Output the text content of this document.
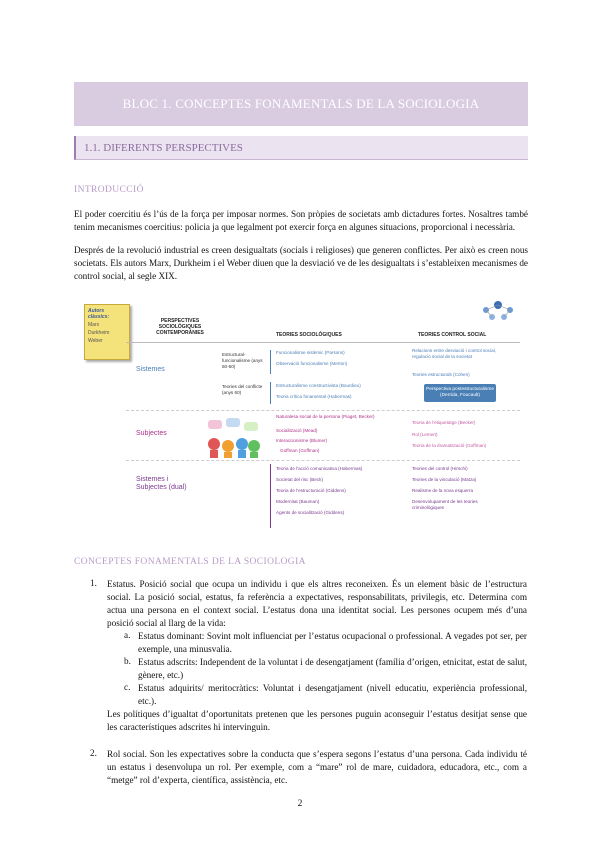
BLOC 1. CONCEPTES FONAMENTALS DE LA SOCIOLOGIA
1.1. DIFERENTS PERSPECTIVES
INTRODUCCIÓ

El poder coercitiu és l’ús de la força per imposar normes. Son pròpies de societats amb dictadures fortes. Nosaltres també tenim mecanismes coercitius: policia ja que legalment pot exercir força en algunes situacions, proporcional i necessària.

Després de la revolució industrial es creen desigualtats (socials i religioses) que generen conflictes. Per això es creen nous societats. Els autors Marx, Durkheim i el Weber diuen que la desviació ve de les desigualtats i s’estableixen mecanismes de control social, al segle XIX.

Autors clàssics:
Marx
Durkheim
Weber
PERSPECTIVES SOCIOLÒGIQUES CONTEMPORÀNIES	TEORIES SOCIOLÒGIQUES	TEORIES CONTROL SOCIAL
Sistemes
Estructural-funcionalisme (anys 50-60)
Teories del conflicte (anys 60)
Funcionalisme sistèmic (Parsons)
Observació funcionalisme (Merton)
Estructuralisme constructivista (Bourdieu)
Teoria crítica fonamental (Habermas)
Relacions entre desviació i control social, regulació social de la societat
Teories estructurals (Cohen)
Perspectiva postestructuralisme (Derrida, Foucault)
Subjectes
Naturalesa social de la persona (Piaget, Becker)
Socialització (Mead)
Interaccionisme (Blumer)
Goffman (Goffman)
Teoria de l'etiquetatge (Becker)
Rol (Lemert)
Teoria de la dramatització (Goffman)
Sistemes i Subjectes (dual)
Teoria de l'acció comunicativa (Habermas)
Societat del risc (Beck)
Teoria de l'estructuració (Giddens)
Modernitat (Bauman)
Agents de socialització (Giddens)
Teories del control (Hirschi)
Teories de la vinculació (Matza)
Realisme de la nova esquerra
Desenvolupament de les teories criminològiques
CONCEPTES FONAMENTALS DE LA SOCIOLOGIA
1. Estatus. Posició social que ocupa un individu i que els altres reconeixen. És un element bàsic de l’estructura social. La posició social, estatus, fa referència a expectatives, responsabilitats, privilegis, etc. Determina com actua una persona en el context social. L’estatus dona una identitat social. Les persones ocupem més d’una posició social al llarg de la vida:

a. Estatus dominant: Sovint molt influenciat per l’estatus ocupacional o professional. A vegades pot ser, per exemple, una minusvalia.

b. Estatus adscrits: Independent de la voluntat i de desengatjament (família d’origen, etnicitat, estat de salut, gènere, etc.)

c. Estatus adquirits/ meritocràtics: Voluntat i desengatjament (nivell educatiu, experiència professional, etc.).

Les polítiques d’igualtat d’oportunitats pretenen que les persones puguin aconseguir l’estatus desitjat sense que les característiques adscrites hi intervinguin.

2. Rol social. Son les expectatives sobre la conducta que s’espera segons l’estatus d’una persona. Cada individu té un estatus i desenvolupa un rol. Per exemple, com a “mare” rol de mare, cuidadora, educadora, etc., com a “metge” rol d’experta, científica, assistència, etc.

2
